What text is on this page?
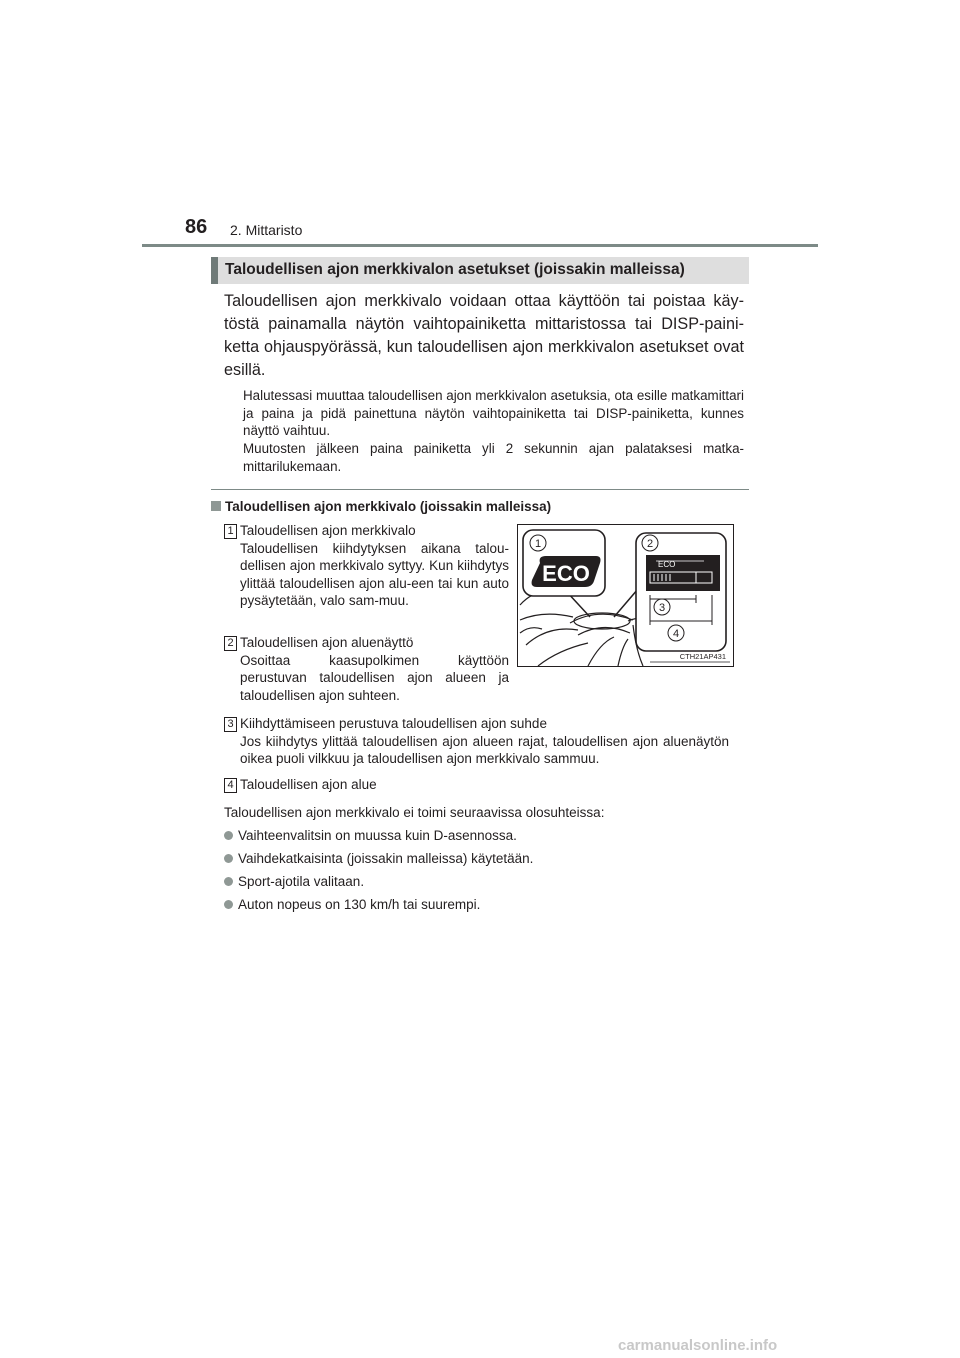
86 2. Mittaristo
Taloudellisen ajon merkkivalon asetukset (joissakin malleissa)
Taloudellisen ajon merkkivalo voidaan ottaa käyttöön tai poistaa käy-töstä painamalla näytön vaihtopainiketta mittaristossa tai DISP-paini-ketta ohjauspyörässä, kun taloudellisen ajon merkkivalon asetukset ovat esillä.
Halutessasi muuttaa taloudellisen ajon merkkivalon asetuksia, ota esille matkamittari ja paina ja pidä painettuna näytön vaihtopainiketta tai DISP-painiketta, kunnes näyttö vaihtuu.
Muutosten jälkeen paina painiketta yli 2 sekunnin ajan palataksesi matka-mittarilukemaan.
Taloudellisen ajon merkkivalo (joissakin malleissa)
1 Taloudellisen ajon merkkivalo
Taloudellisen kiihdytyksen aikana talou-dellisen ajon merkkivalo syttyy. Kun kiihdytys ylittää taloudellisen ajon alu-een tai kun auto pysäytetään, valo sam-muu.
2 Taloudellisen ajon aluenäyttö
Osoittaa kaasupolkimen käyttöön perustuvan taloudellisen ajon alueen ja taloudellisen ajon suhteen.
3 Kiihdyttämiseen perustuva taloudellisen ajon suhde
Jos kiihdytys ylittää taloudellisen ajon alueen rajat, taloudellisen ajon aluenäytön oikea puoli vilkkuu ja taloudellisen ajon merkkivalo sammuu.
4 Taloudellisen ajon alue
ECO
1
ECO
2
3
4
CTH21AP431
Taloudellisen ajon merkkivalo ei toimi seuraavissa olosuhteissa:
Vaihteenvalitsin on muussa kuin D-asennossa.
Vaihdekatkaisinta (joissakin malleissa) käytetään.
Sport-ajotila valitaan.
Auton nopeus on 130 km/h tai suurempi.
carmanualsonline.info
